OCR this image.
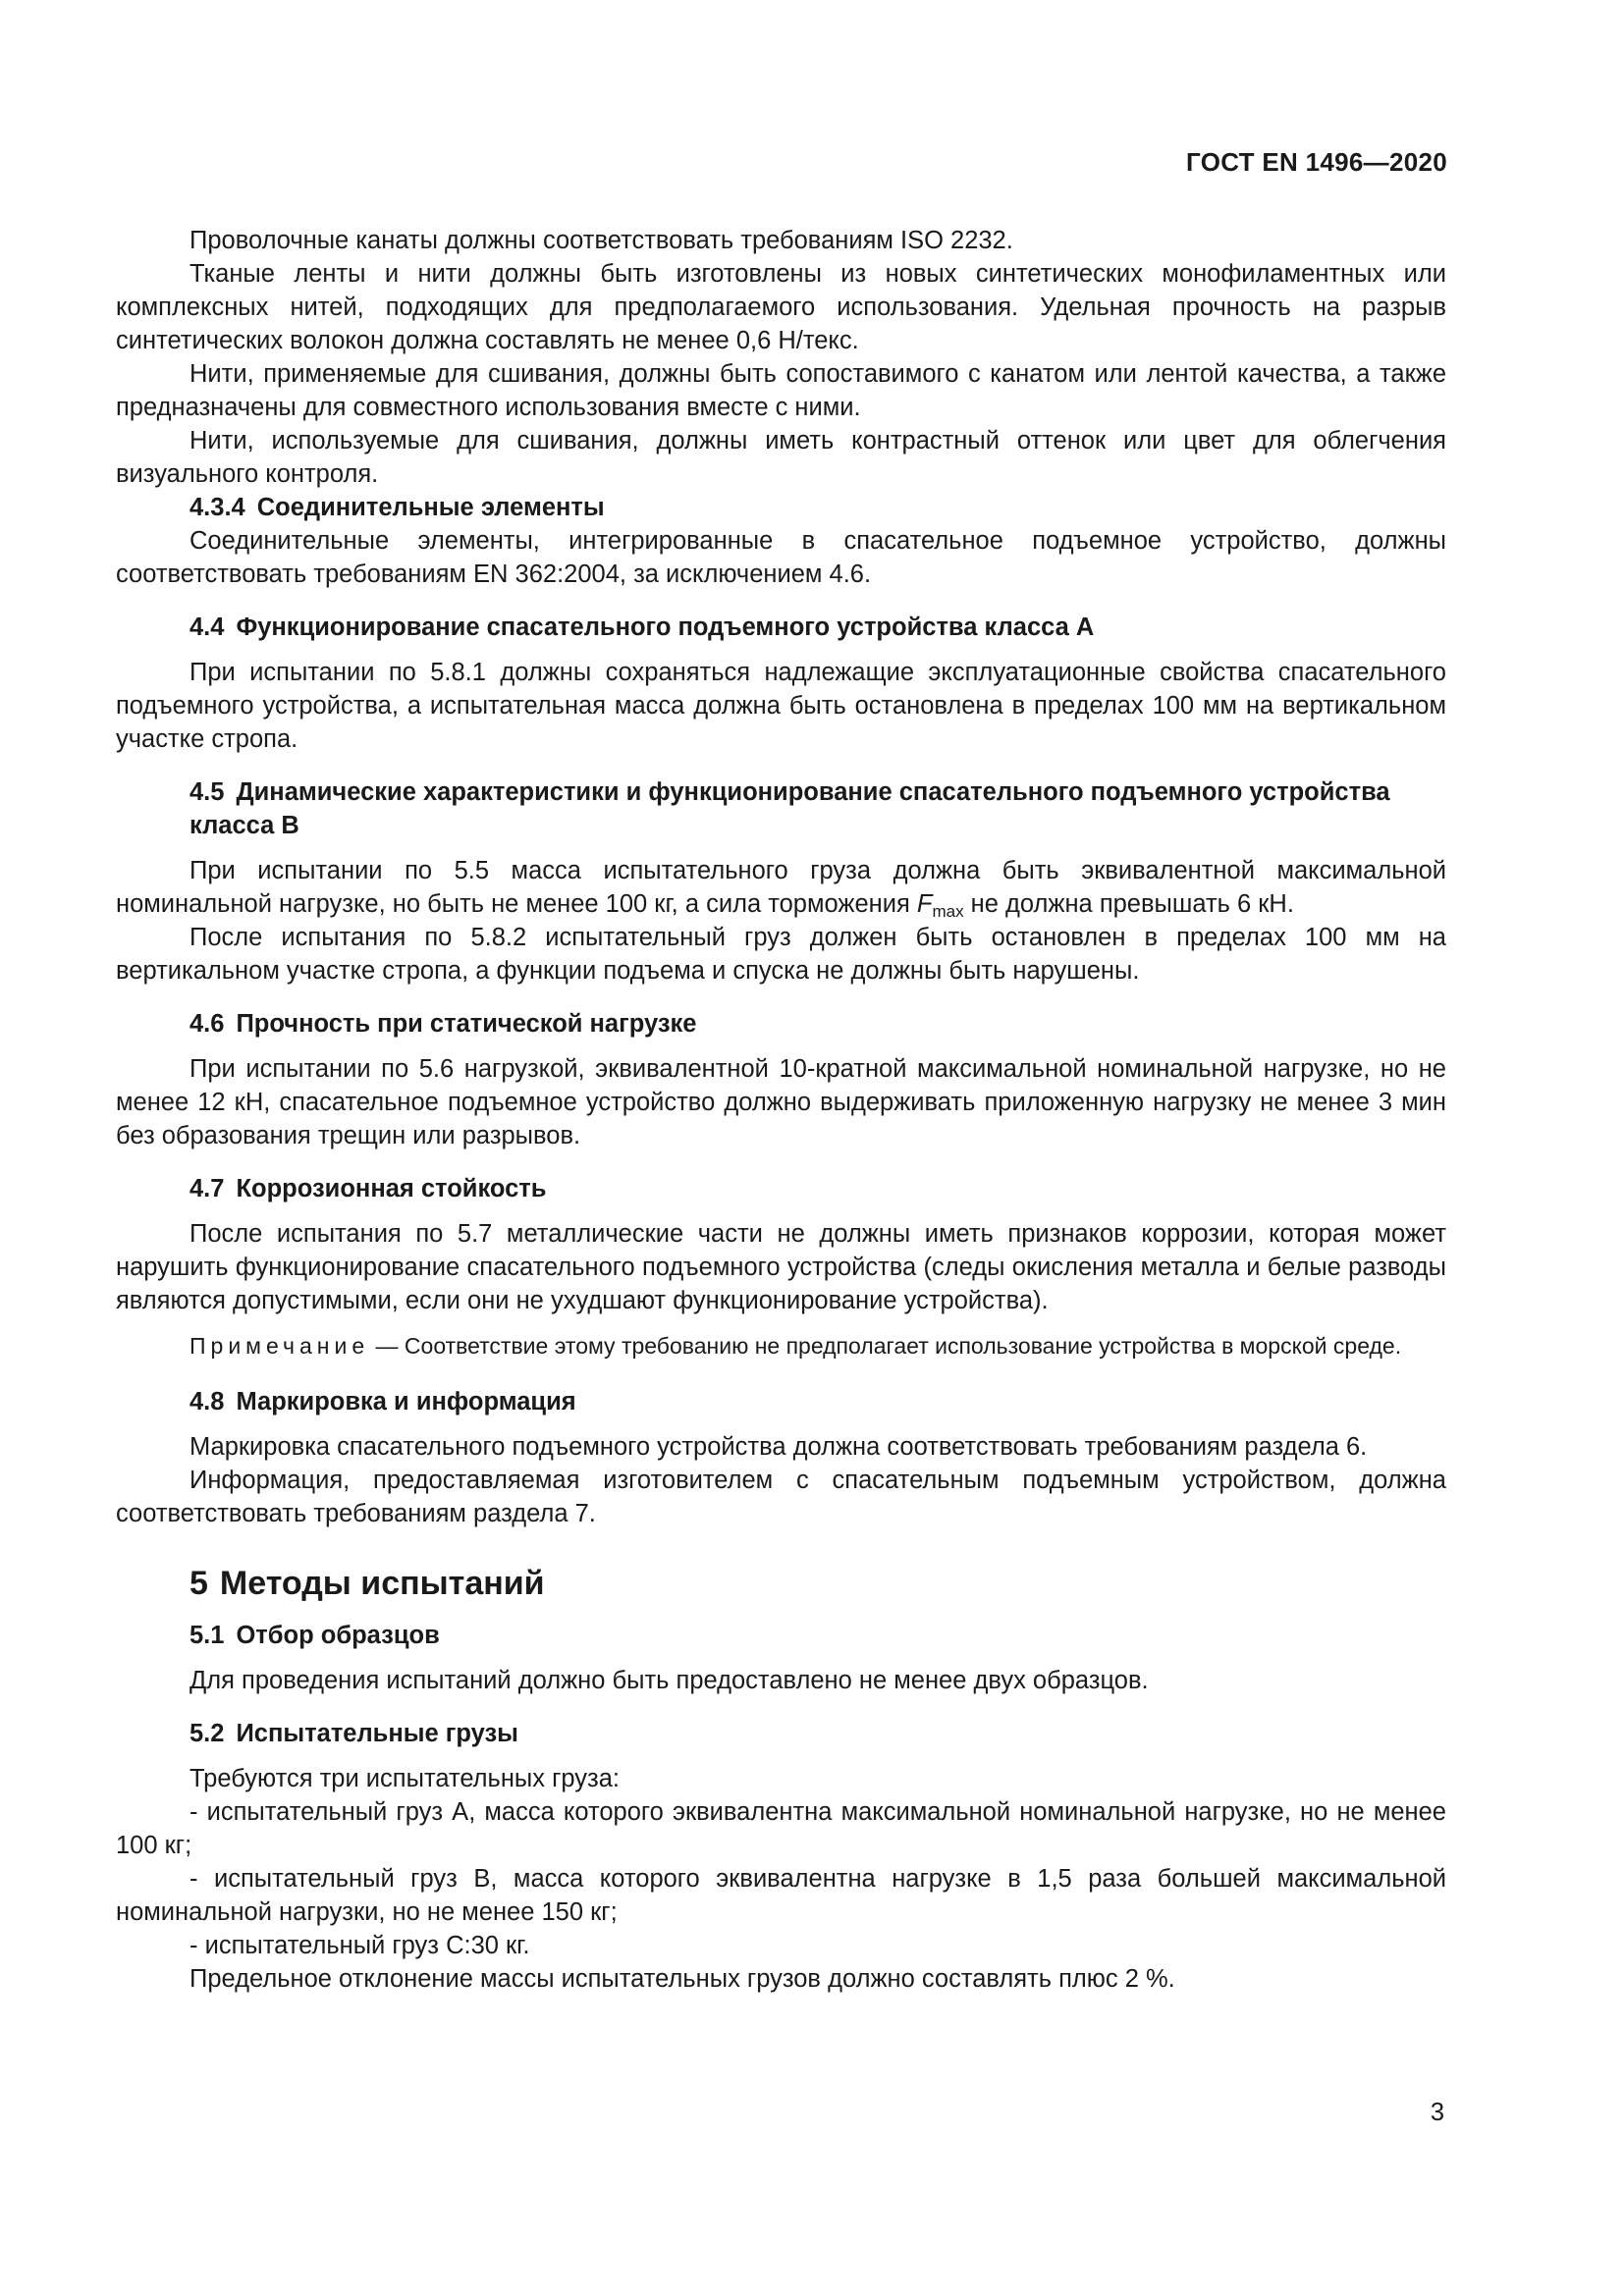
ГОСТ EN 1496—2020

Проволочные канаты должны соответствовать требованиям ISO 2232.

Тканые ленты и нити должны быть изготовлены из новых синтетических монофиламентных или комплексных нитей, подходящих для предполагаемого использования. Удельная прочность на разрыв синтетических волокон должна составлять не менее 0,6 Н/текс.

Нити, применяемые для сшивания, должны быть сопоставимого с канатом или лентой качества, а также предназначены для совместного использования вместе с ними.

Нити, используемые для сшивания, должны иметь контрастный оттенок или цвет для облегчения визуального контроля.

4.3.4 Соединительные элементы

Соединительные элементы, интегрированные в спасательное подъемное устройство, должны соответствовать требованиям EN 362:2004, за исключением 4.6.

4.4 Функционирование спасательного подъемного устройства класса А

При испытании по 5.8.1 должны сохраняться надлежащие эксплуатационные свойства спасательного подъемного устройства, а испытательная масса должна быть остановлена в пределах 100 мм на вертикальном участке стропа.

4.5 Динамические характеристики и функционирование спасательного подъемного устройства класса В

При испытании по 5.5 масса испытательного груза должна быть эквивалентной максимальной номинальной нагрузке, но быть не менее 100 кг, а сила торможения $F_{max}$ не должна превышать 6 кН.

После испытания по 5.8.2 испытательный груз должен быть остановлен в пределах 100 мм на вертикальном участке стропа, а функции подъема и спуска не должны быть нарушены.

4.6 Прочность при статической нагрузке

При испытании по 5.6 нагрузкой, эквивалентной 10-кратной максимальной номинальной нагрузке, но не менее 12 кН, спасательное подъемное устройство должно выдерживать приложенную нагрузку не менее 3 мин без образования трещин или разрывов.

4.7 Коррозионная стойкость

После испытания по 5.7 металлические части не должны иметь признаков коррозии, которая может нарушить функционирование спасательного подъемного устройства (следы окисления металла и белые разводы являются допустимыми, если они не ухудшают функционирование устройства).

Примечание — Соответствие этому требованию не предполагает использование устройства в морской среде.
4.8 Маркировка и информация

Маркировка спасательного подъемного устройства должна соответствовать требованиям раздела 6.

Информация, предоставляемая изготовителем с спасательным подъемным устройством, должна соответствовать требованиям раздела 7.

5 Методы испытаний
5.1 Отбор образцов

Для проведения испытаний должно быть предоставлено не менее двух образцов.

5.2 Испытательные грузы

Требуются три испытательных груза:

- испытательный груз А, масса которого эквивалентна максимальной номинальной нагрузке, но не менее 100 кг;

- испытательный груз В, масса которого эквивалентна нагрузке в 1,5 раза большей максимальной номинальной нагрузки, но не менее 150 кг;

- испытательный груз С:30 кг.

Предельное отклонение массы испытательных грузов должно составлять плюс 2 %.

3
